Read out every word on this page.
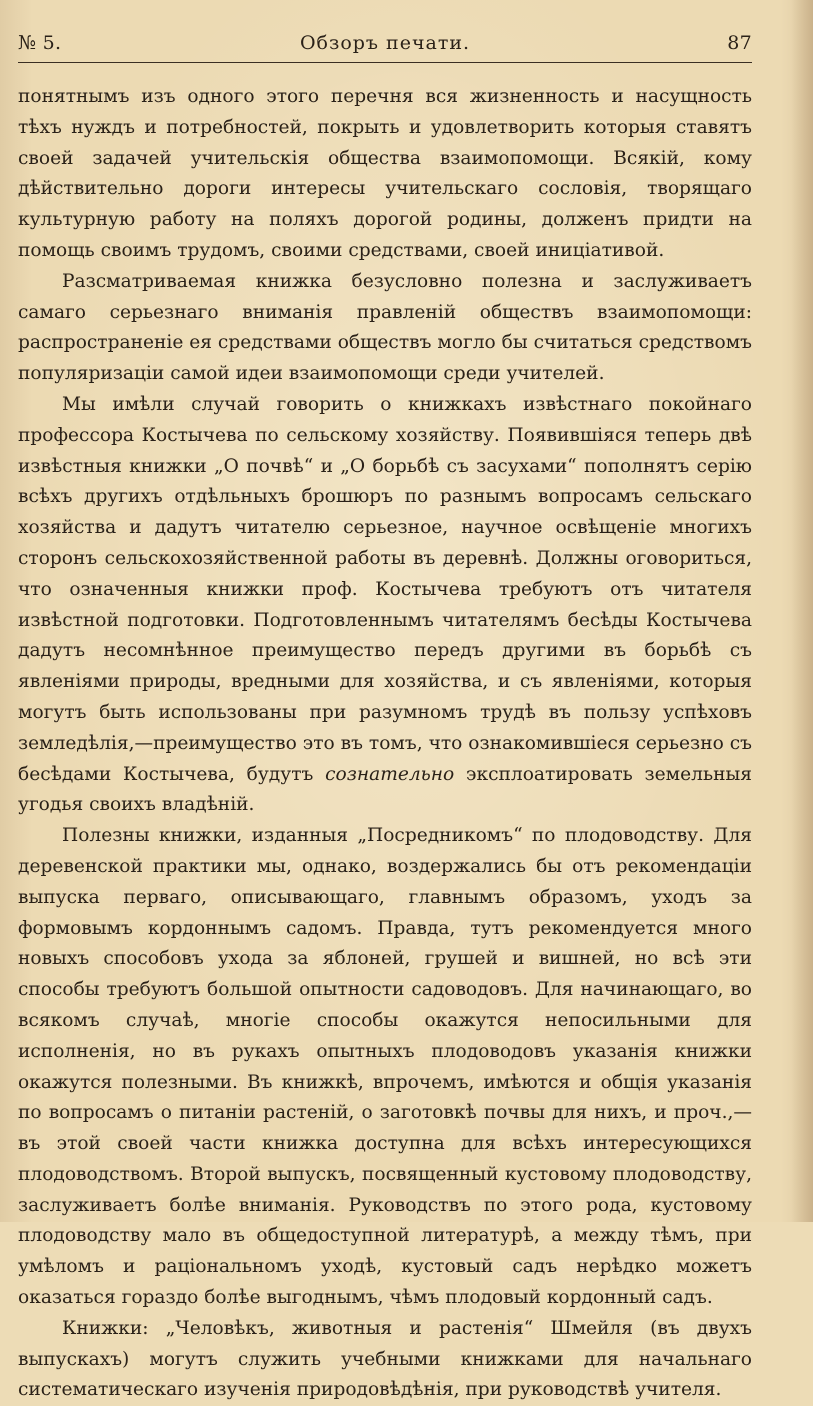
№ 5.	Обзоръ печати.	87

понятнымъ изъ одного этого перечня вся жизненность и насущность тѣхъ нуждъ и потребностей, покрыть и удовлетворить которыя ставятъ своей задачей учительскія общества взаимопомощи. Всякій, кому дѣйствительно дороги интересы учительскаго сословія, творящаго культурную работу на поляхъ дорогой родины, долженъ придти на помощь своимъ трудомъ, своими средствами, своей иниціативой.

Разсматриваемая книжка безусловно полезна и заслуживаетъ самаго серьезнаго вниманія правленій обществъ взаимопомощи: распространеніе ея средствами обществъ могло бы считаться средствомъ популяризаціи самой идеи взаимопомощи среди учителей.

Мы имѣли случай говорить о книжкахъ извѣстнаго покойнаго профессора Костычева по сельскому хозяйству. Появившіяся теперь двѣ извѣстныя книжки „О почвѣ“ и „О борьбѣ съ засухами“ пополнятъ серію всѣхъ другихъ отдѣльныхъ брошюръ по разнымъ вопросамъ сельскаго хозяйства и дадутъ читателю серьезное, научное освѣщеніе многихъ сторонъ сельскохозяйственной работы въ деревнѣ. Должны оговориться, что означенныя книжки проф. Костычева требуютъ отъ читателя извѣстной подготовки. Подготовленнымъ читателямъ бесѣды Костычева дадутъ несомнѣнное преимущество передъ другими въ борьбѣ съ явленіями природы, вредными для хозяйства, и съ явленіями, которыя могутъ быть использованы при разумномъ трудѣ въ пользу успѣховъ земледѣлія,—преимущество это въ томъ, что ознакомившіеся серьезно съ бесѣдами Костычева, будутъ сознательно эксплоатировать земельныя угодья своихъ владѣній.

Полезны книжки, изданныя „Посредникомъ“ по плодоводству. Для деревенской практики мы, однако, воздержались бы отъ рекомендаціи выпуска перваго, описывающаго, главнымъ образомъ, уходъ за формовымъ кордоннымъ садомъ. Правда, тутъ рекомендуется много новыхъ способовъ ухода за яблоней, грушей и вишней, но всѣ эти способы требуютъ большой опытности садоводовъ. Для начинающаго, во всякомъ случаѣ, многіе способы окажутся непосильными для исполненія, но въ рукахъ опытныхъ плодоводовъ указанія книжки окажутся полезными. Въ книжкѣ, впрочемъ, имѣются и общія указанія по вопросамъ о питаніи растеній, о заготовкѣ почвы для нихъ, и проч.,— въ этой своей части книжка доступна для всѣхъ интересующихся плодоводствомъ. Второй выпускъ, посвященный кустовому плодоводству, заслуживаетъ болѣе вниманія. Руководствъ по этого рода, кустовому плодоводству мало въ общедоступной литературѣ, а между тѣмъ, при умѣломъ и раціональномъ уходѣ, кустовый садъ нерѣдко можетъ оказаться гораздо болѣе выгоднымъ, чѣмъ плодовый кордонный садъ.

Книжки: „Человѣкъ, животныя и растенія“ Шмейля (въ двухъ выпускахъ) могутъ служить учебными книжками для начальнаго систематическаго изученія природовѣдѣнія, при руководствѣ учителя.
